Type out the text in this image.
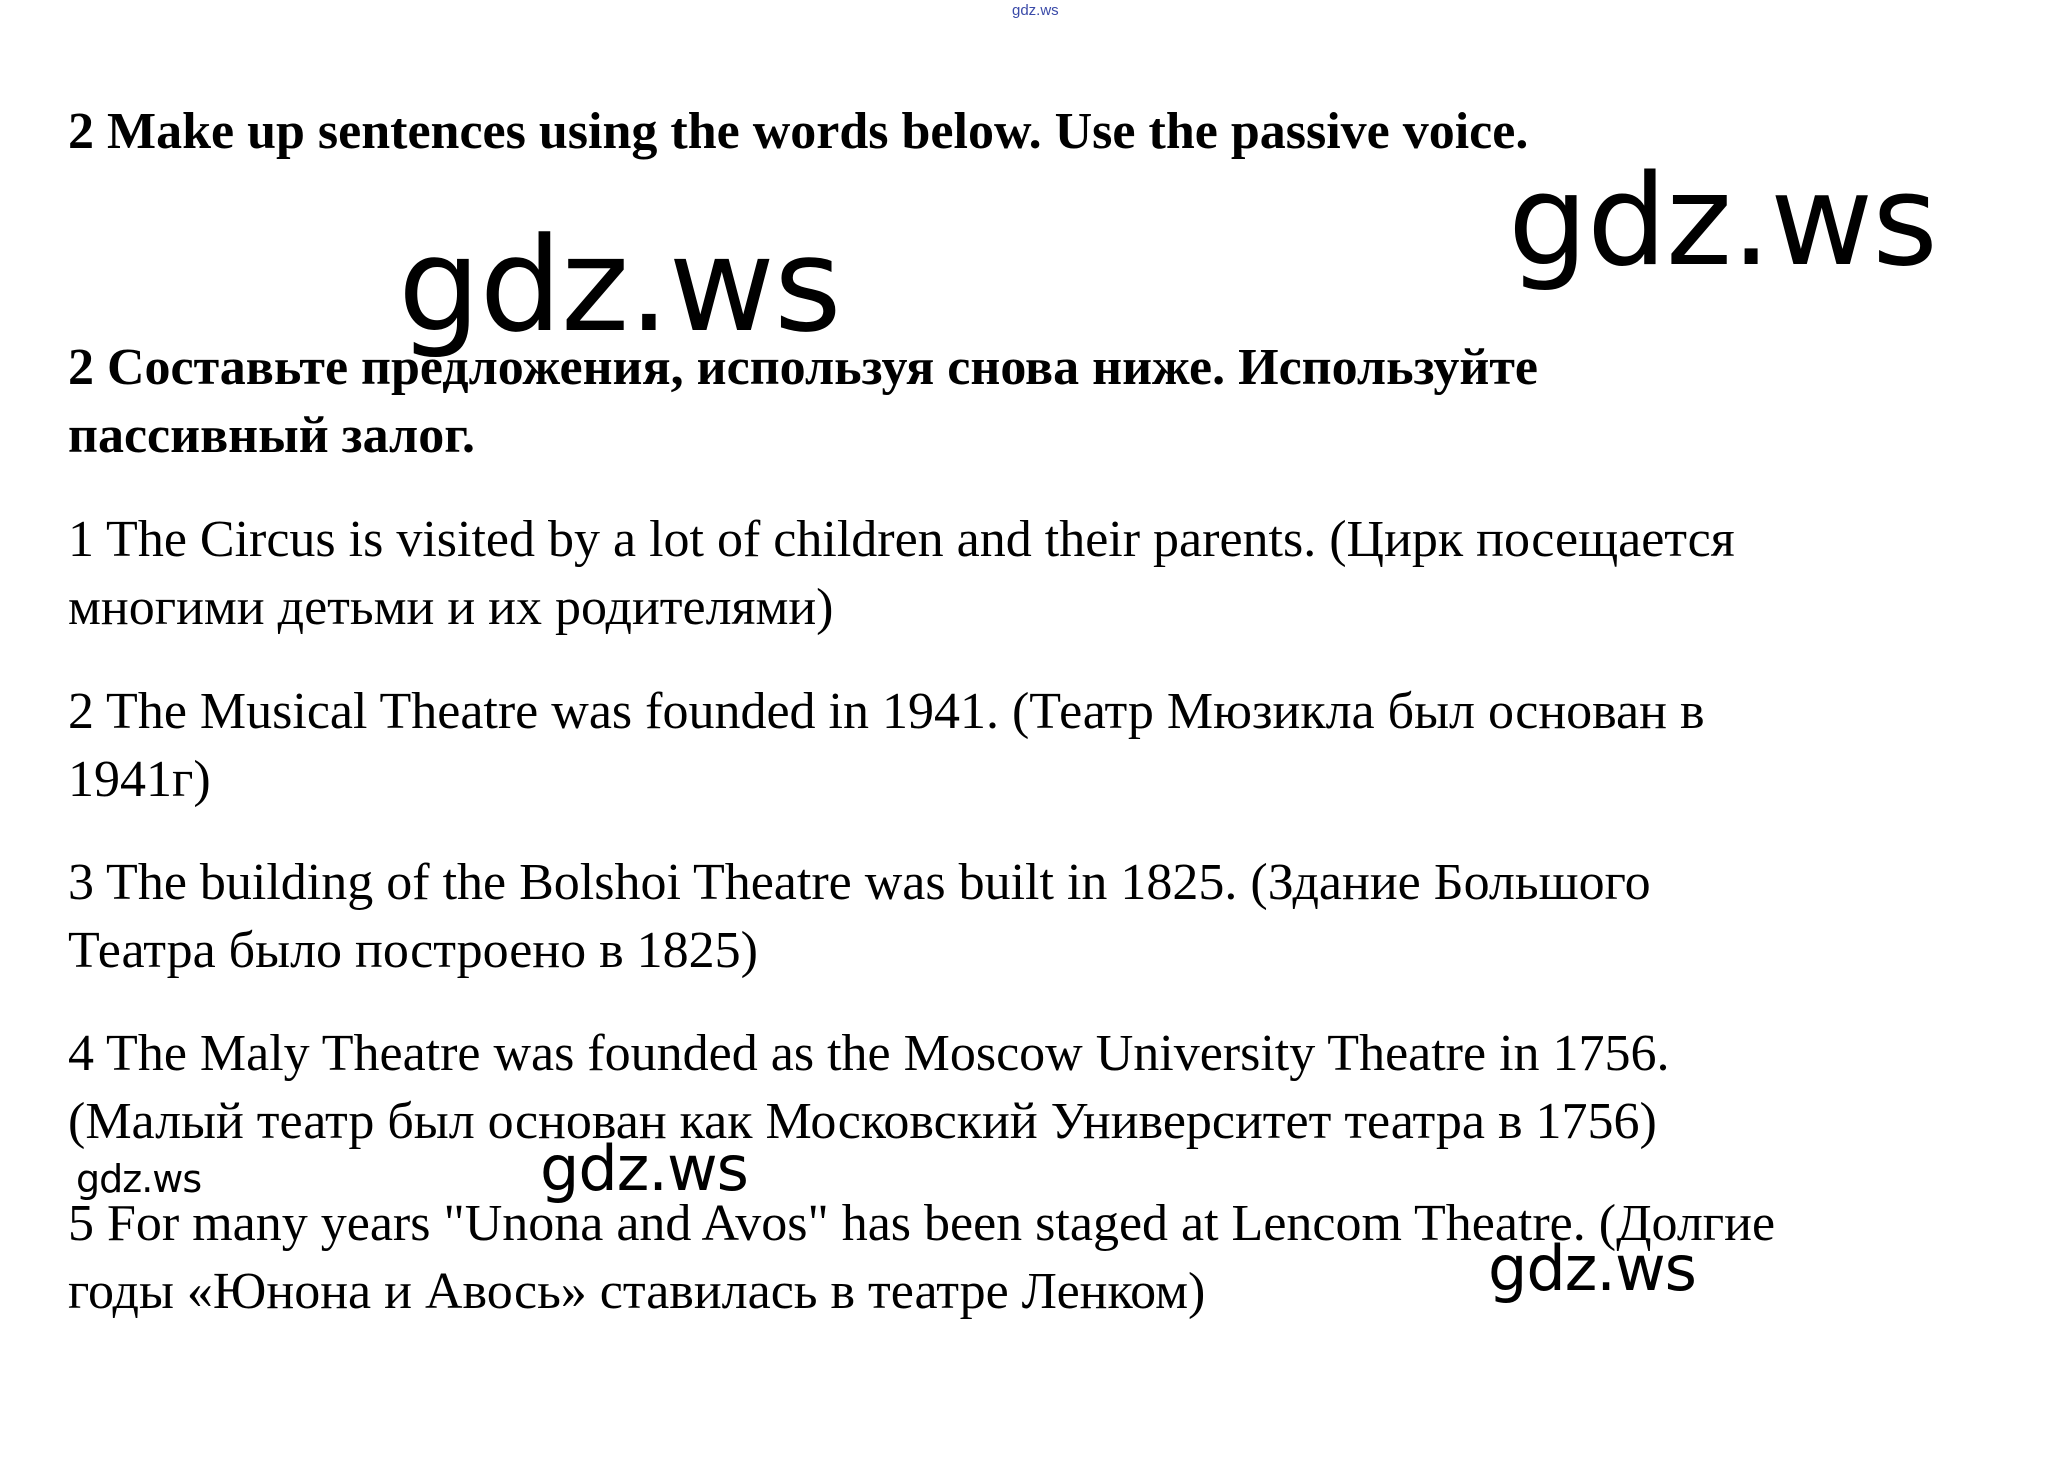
gdz.ws
2 Make up sentences using the words below. Use the passive voice.
2 Составьте предложения, используя снова ниже. Используйте
пассивный залог.
1 The Circus is visited by a lot of children and their parents. (Цирк посещается
многими детьми и их родителями)
2 The Musical Theatre was founded in 1941. (Театр Мюзикла был основан в
1941г)
3 The building of the Bolshoi Theatre was built in 1825. (Здание Большого
Театра было построено в 1825)
4 The Maly Theatre was founded as the Moscow University Theatre in 1756.
(Малый театр был основан как Московский Университет театра в 1756)
5 For many years "Unona and Avos" has been staged at Lencom Theatre. (Долгие
годы «Юнона и Авось» ставилась в театре Ленком)
gdz.ws	gdz.ws
gdz.ws	gdz.ws
gdz.ws
